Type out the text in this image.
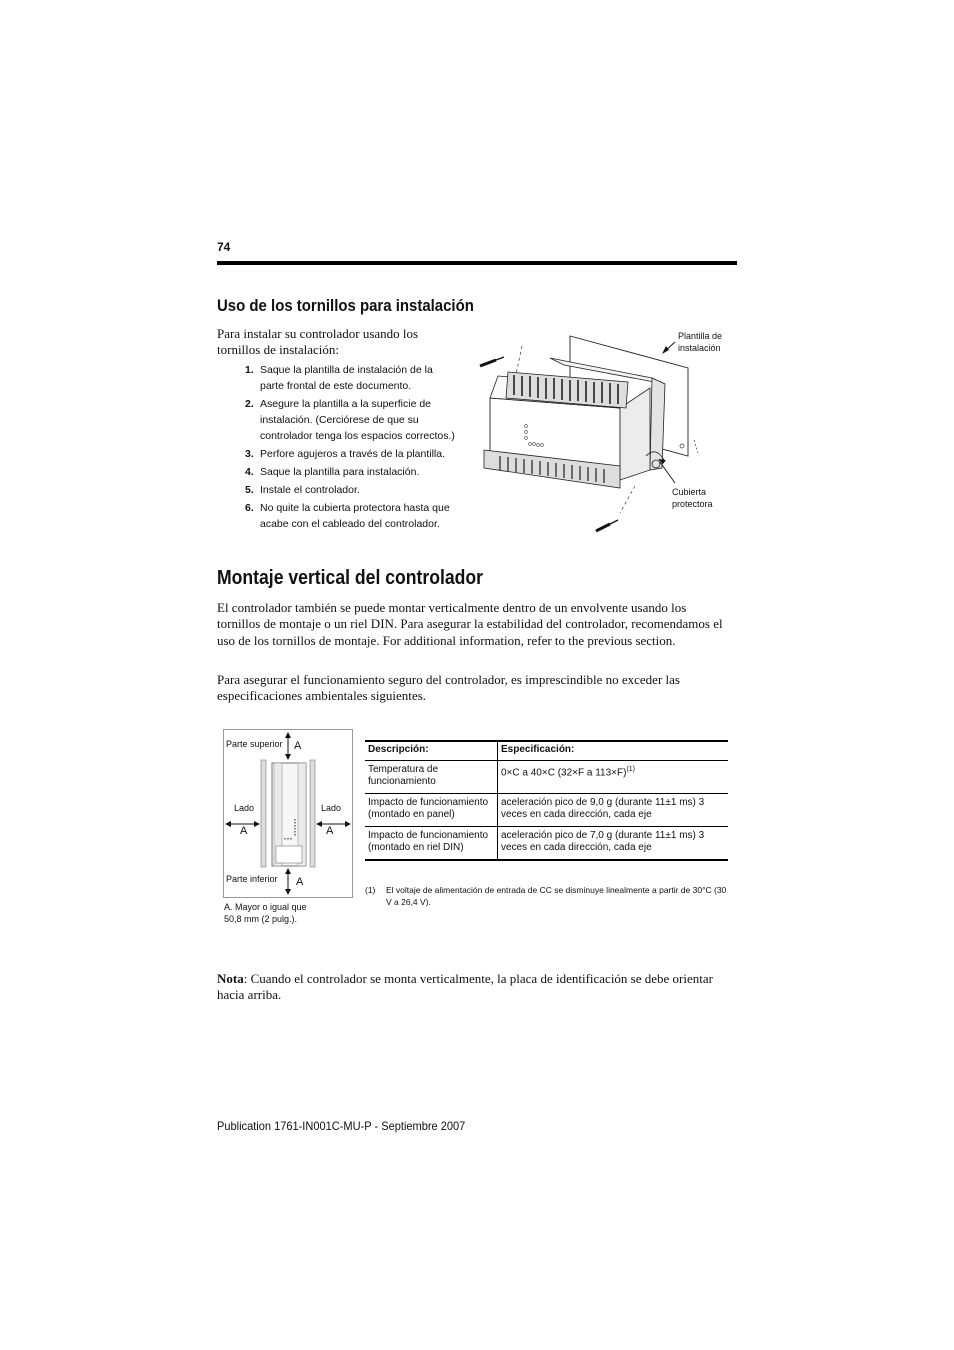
74
Uso de los tornillos para instalación
Para instalar su controlador usando los tornillos de instalación:
1. Saque la plantilla de instalación de la parte frontal de este documento.
2. Asegure la plantilla a la superficie de instalación. (Cerciórese de que su controlador tenga los espacios correctos.)
3. Perfore agujeros a través de la plantilla.
4. Saque la plantilla para instalación.
5. Instale el controlador.
6. No quite la cubierta protectora hasta que acabe con el cableado del controlador.
Plantilla de
instalación
Cubierta
protectora
Montaje vertical del controlador
El controlador también se puede montar verticalmente dentro de un envolvente usando los tornillos de montaje o un riel DIN. Para asegurar la estabilidad del controlador, recomendamos el uso de los tornillos de montaje. For additional information, refer to the previous section.
Para asegurar el funcionamiento seguro del controlador, es imprescindible no exceder las especificaciones ambientales siguientes.
Parte superior A
Lado	Lado
A	A
Parte inferior A
A. Mayor o igual que
50,8 mm (2 pulg.).
Descripción:	Especificación:
Temperatura de funcionamiento	0×C a 40×C (32×F a 113×F)$^{(1)}$
Impacto de funcionamiento (montado en panel)	aceleración pico de 9,0 g (durante 11±1 ms) 3 veces en cada dirección, cada eje
Impacto de funcionamiento (montado en riel DIN)	aceleración pico de 7,0 g (durante 11±1 ms) 3 veces en cada dirección, cada eje
(1)	El voltaje de alimentación de entrada de CC se disminuye linealmente a partir de 30°C (30 V a 26,4 V).
Nota: Cuando el controlador se monta verticalmente, la placa de identificación se debe orientar hacia arriba.
Publication 1761-IN001C-MU-P - Septiembre 2007
